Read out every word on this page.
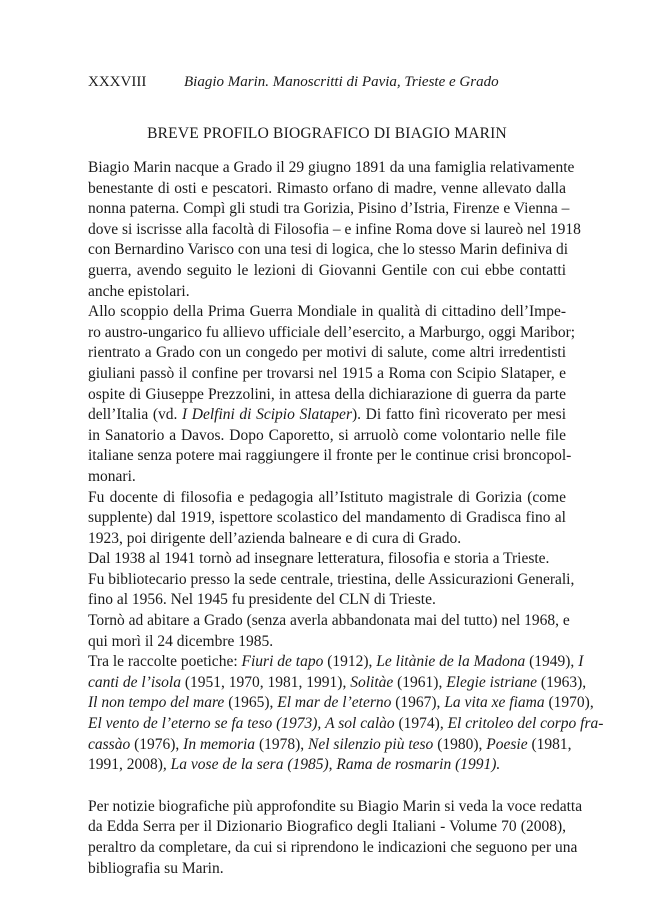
XXXVIII	Biagio Marin. Manoscritti di Pavia, Trieste e Grado
BREVE PROFILO BIOGRAFICO DI BIAGIO MARIN

Biagio Marin nacque a Grado il 29 giugno 1891 da una famiglia relativamente
benestante di osti e pescatori. Rimasto orfano di madre, venne allevato dalla
nonna paterna. Compì gli studi tra Gorizia, Pisino d’Istria, Firenze e Vienna –
dove si iscrisse alla facoltà di Filosofia – e infine Roma dove si laureò nel 1918
con Bernardino Varisco con una tesi di logica, che lo stesso Marin definiva di
guerra, avendo seguito le lezioni di Giovanni Gentile con cui ebbe contatti
anche epistolari.

Allo scoppio della Prima Guerra Mondiale in qualità di cittadino dell’Impe-
ro austro-ungarico fu allievo ufficiale dell’esercito, a Marburgo, oggi Maribor;
rientrato a Grado con un congedo per motivi di salute, come altri irredentisti
giuliani passò il confine per trovarsi nel 1915 a Roma con Scipio Slataper, e
ospite di Giuseppe Prezzolini, in attesa della dichiarazione di guerra da parte
dell’Italia (vd. I Delfini di Scipio Slataper). Di fatto finì ricoverato per mesi
in Sanatorio a Davos. Dopo Caporetto, si arruolò come volontario nelle file
italiane senza potere mai raggiungere il fronte per le continue crisi broncopol-
monari.

Fu docente di filosofia e pedagogia all’Istituto magistrale di Gorizia (come
supplente) dal 1919, ispettore scolastico del mandamento di Gradisca fino al
1923, poi dirigente dell’azienda balneare e di cura di Grado.

Dal 1938 al 1941 tornò ad insegnare letteratura, filosofia e storia a Trieste.

Fu bibliotecario presso la sede centrale, triestina, delle Assicurazioni Generali,
fino al 1956. Nel 1945 fu presidente del CLN di Trieste.

Tornò ad abitare a Grado (senza averla abbandonata mai del tutto) nel 1968, e
qui morì il 24 dicembre 1985.

Tra le raccolte poetiche: Fiuri de tapo (1912), Le litànie de la Madona (1949), I
canti de l’isola (1951, 1970, 1981, 1991), Solitàe (1961), Elegie istriane (1963),
Il non tempo del mare (1965), El mar de l’eterno (1967), La vita xe fiama (1970),
El vento de l’eterno se fa teso (1973), A sol calào (1974), El critoleo del corpo fra-
cassào (1976), In memoria (1978), Nel silenzio più teso (1980), Poesie (1981,
1991, 2008), La vose de la sera (1985), Rama de rosmarin (1991).

Per notizie biografiche più approfondite su Biagio Marin si veda la voce redatta
da Edda Serra per il Dizionario Biografico degli Italiani - Volume 70 (2008),
peraltro da completare, da cui si riprendono le indicazioni che seguono per una
bibliografia su Marin.
